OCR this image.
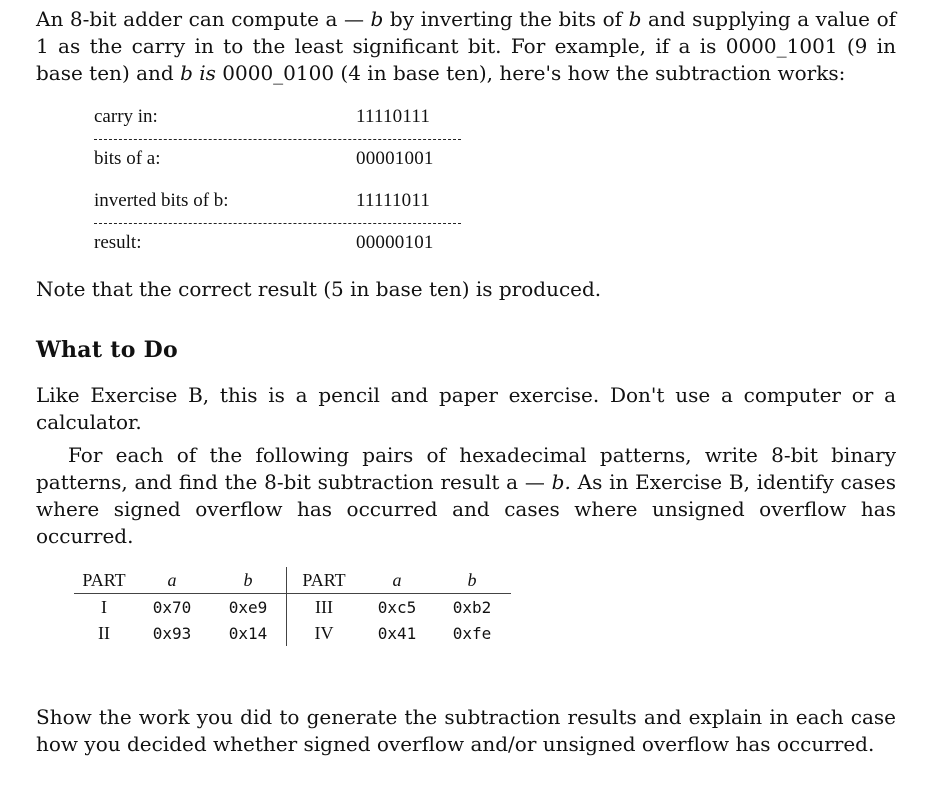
An 8-bit adder can compute a — b by inverting the bits of b and supplying a value of 1 as the carry in to the least significant bit. For example, if a is 0000_1001 (9 in base ten) and b is 0000_0100 (4 in base ten), here's how the subtraction works:

carry in:	11110111
bits of a:	00001001
inverted bits of b:	11111011
result:	00000101

Note that the correct result (5 in base ten) is produced.

What to Do

Like Exercise B, this is a pencil and paper exercise. Don't use a computer or a calculator.

For each of the following pairs of hexadecimal patterns, write 8-bit binary patterns, and find the 8-bit subtraction result a — b. As in Exercise B, identify cases where signed overflow has occurred and cases where unsigned overflow has occurred.

PART	a	b	PART	a	b
I	0x70	0xe9	III	0xc5	0xb2
II	0x93	0x14	IV	0x41	0xfe

Show the work you did to generate the subtraction results and explain in each case how you decided whether signed overflow and/or unsigned overflow has occurred.
